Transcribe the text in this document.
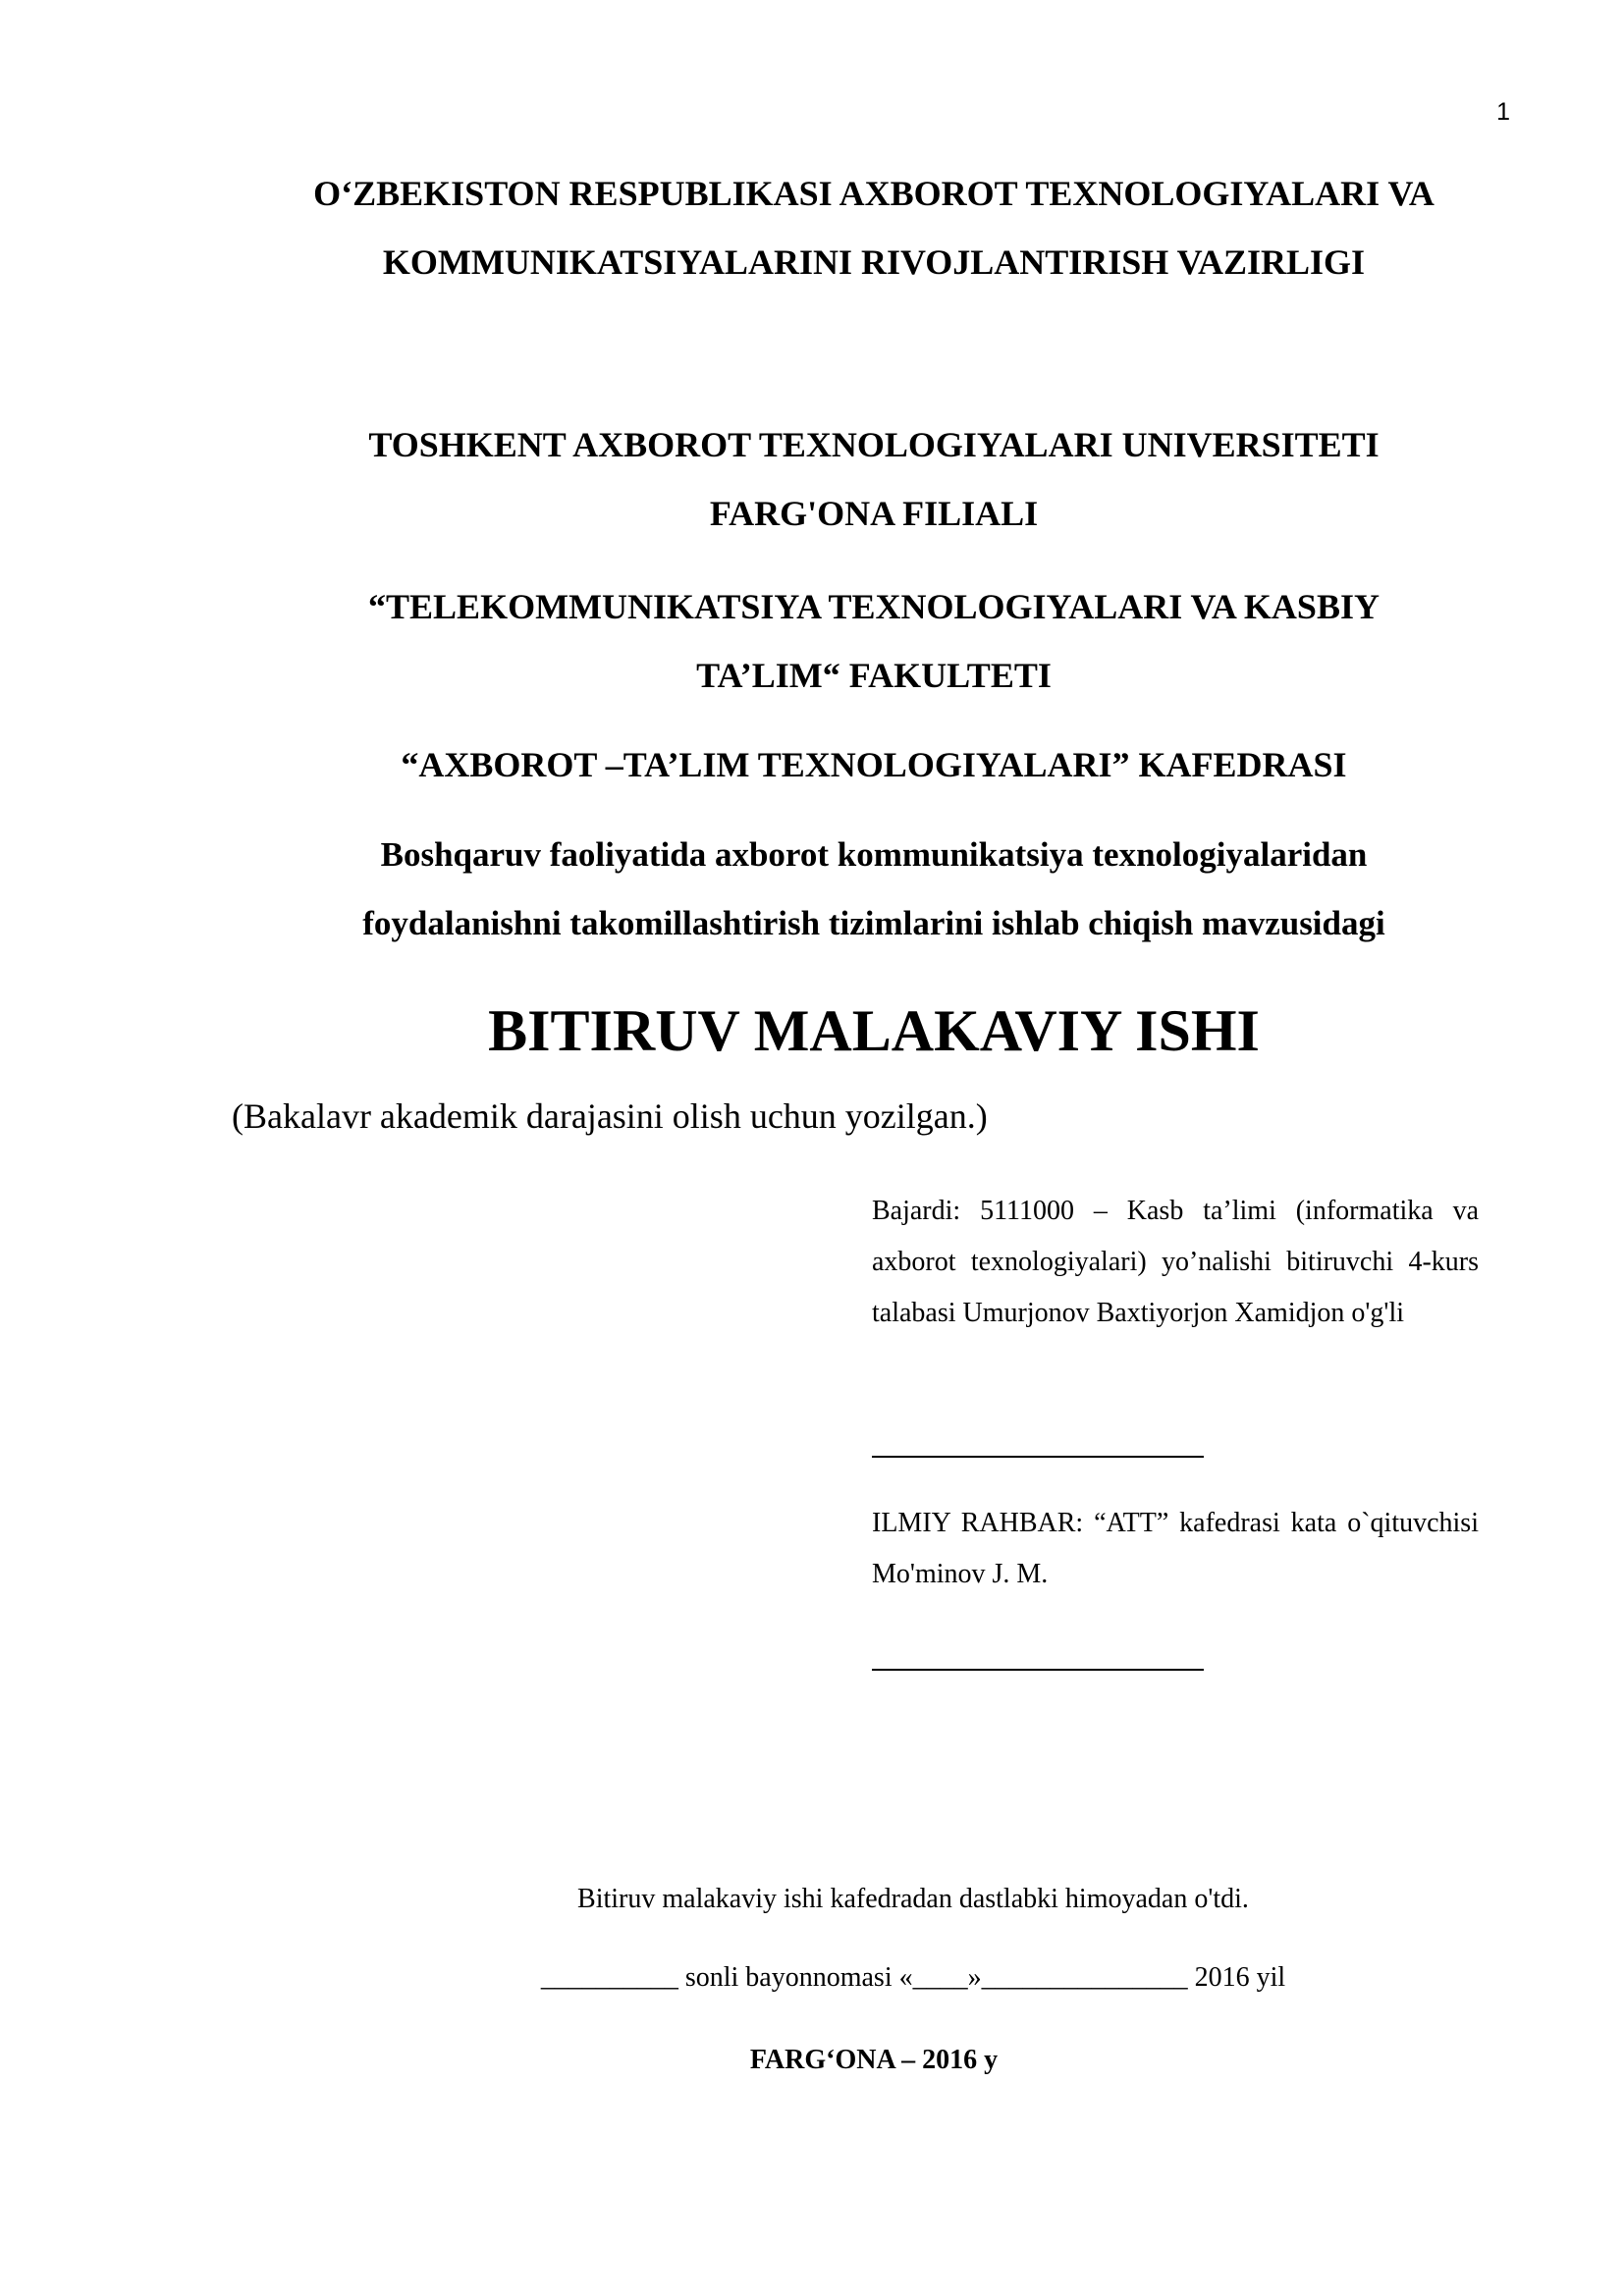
1
O‘ZBEKISTON RESPUBLIKASI AXBOROT TEXNOLOGIYALARI VA
KOMMUNIKATSIYALARINI RIVOJLANTIRISH VAZIRLIGI
TOSHKENT AXBOROT TEXNOLOGIYALARI UNIVERSITETI
FARG'ONA FILIALI
“TELEKOMMUNIKATSIYA TEXNOLOGIYALARI VA KASBIY
TA’LIM“ FAKULTETI
“AXBOROT –TA’LIM TEXNOLOGIYALARI” KAFEDRASI
Boshqaruv faoliyatida axborot kommunikatsiya texnologiyalaridan
foydalanishni takomillashtirish tizimlarini ishlab chiqish mavzusidagi
BITIRUV MALAKAVIY ISHI
(Bakalavr akademik darajasini olish uchun yozilgan.)
Bajardi: 5111000 – Kasb ta’limi (informatika va axborot texnologiyalari) yo’nalishi bitiruvchi 4-kurs talabasi Umurjonov Baxtiyorjon Xamidjon o'g'li
ILMIY RAHBAR: “ATT” kafedrasi kata o`qituvchisi Mo'minov J. M.
Bitiruv malakaviy ishi kafedradan dastlabki himoyadan o'tdi.
__________ sonli bayonnomasi «____»_______________ 2016 yil
FARG‘ONA – 2016 y
